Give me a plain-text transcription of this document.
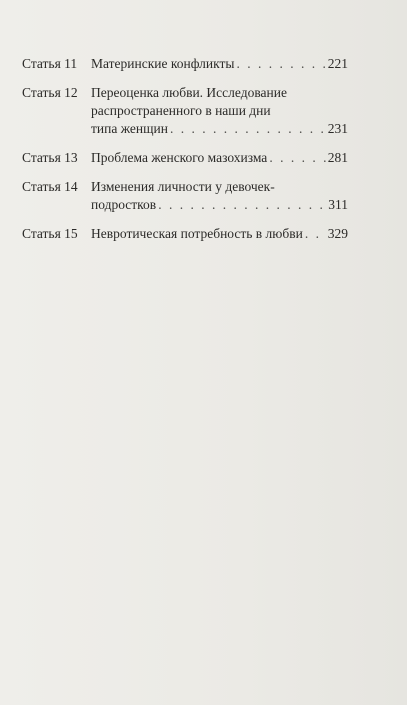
Статья 11	Материнские конфликты . . .	221
Статья 12 Переоценка любви. Исследование
распространенного в наши дни
типа женщин . . .	231
Статья 13 Проблема женского мазохизма . . .	281
Статья 14 Изменения личности у девочек-
подростков . . .	311
Статья 15 Невротическая потребность в любви . . . 329
